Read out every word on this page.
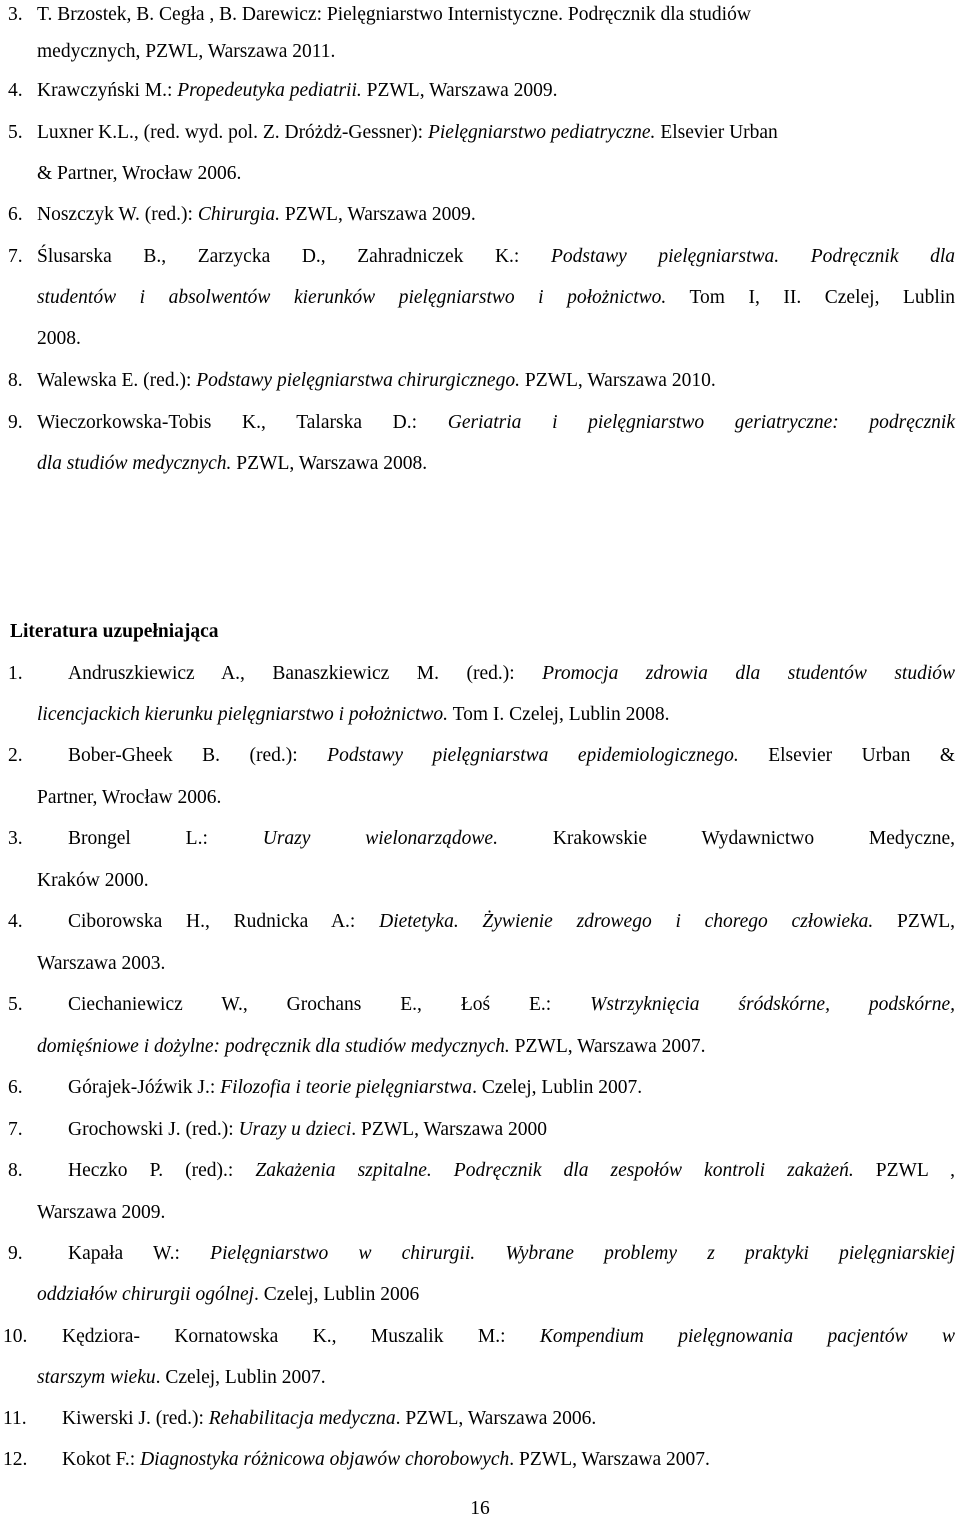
3. T. Brzostek, B. Cegła , B. Darewicz: Pielęgniarstwo Internistyczne. Podręcznik dla studiów
medycznych, PZWL, Warszawa 2011.
4. Krawczyński M.: Propedeutyka pediatrii. PZWL, Warszawa 2009.
5. Luxner K.L., (red. wyd. pol. Z. Dróżdż-Gessner): Pielęgniarstwo pediatryczne. Elsevier Urban
& Partner, Wrocław 2006.
6. Noszczyk W. (red.): Chirurgia. PZWL, Warszawa 2009.
7. Ślusarska B., Zarzycka D., Zahradniczek K.: Podstawy pielęgniarstwa. Podręcznik dla
studentów i absolwentów kierunków pielęgniarstwo i położnictwo. Tom I, II. Czelej, Lublin
2008.
8. Walewska E. (red.): Podstawy pielęgniarstwa chirurgicznego. PZWL, Warszawa 2010.
9. Wieczorkowska-Tobis K., Talarska D.: Geriatria i pielęgniarstwo geriatryczne: podręcznik
dla studiów medycznych. PZWL, Warszawa 2008.
Literatura uzupełniająca
1. Andruszkiewicz A., Banaszkiewicz M. (red.): Promocja zdrowia dla studentów studiów
licencjackich kierunku pielęgniarstwo i położnictwo. Tom I. Czelej, Lublin 2008.
2. Bober-Gheek B. (red.): Podstawy pielęgniarstwa epidemiologicznego. Elsevier Urban &
Partner, Wrocław 2006.
3. Brongel L.: Urazy wielonarządowe. Krakowskie Wydawnictwo Medyczne,
Kraków 2000.
4. Ciborowska H., Rudnicka A.: Dietetyka. Żywienie zdrowego i chorego człowieka. PZWL,
Warszawa 2003.
5. Ciechaniewicz W., Grochans E., Łoś E.: Wstrzyknięcia śródskórne, podskórne,
domięśniowe i dożylne: podręcznik dla studiów medycznych. PZWL, Warszawa 2007.
6. Górajek-Jóźwik J.: Filozofia i teorie pielęgniarstwa. Czelej, Lublin 2007.
7. Grochowski J. (red.): Urazy u dzieci. PZWL, Warszawa 2000
8. Heczko P. (red).: Zakażenia szpitalne. Podręcznik dla zespołów kontroli zakażeń. PZWL ,
Warszawa 2009.
9. Kapała W.: Pielęgniarstwo w chirurgii. Wybrane problemy z praktyki pielęgniarskiej
oddziałów chirurgii ogólnej. Czelej, Lublin 2006
10. Kędziora- Kornatowska K., Muszalik M.: Kompendium pielęgnowania pacjentów w
starszym wieku. Czelej, Lublin 2007.
11. Kiwerski J. (red.): Rehabilitacja medyczna. PZWL, Warszawa 2006.
12. Kokot F.: Diagnostyka różnicowa objawów chorobowych. PZWL, Warszawa 2007.
16
